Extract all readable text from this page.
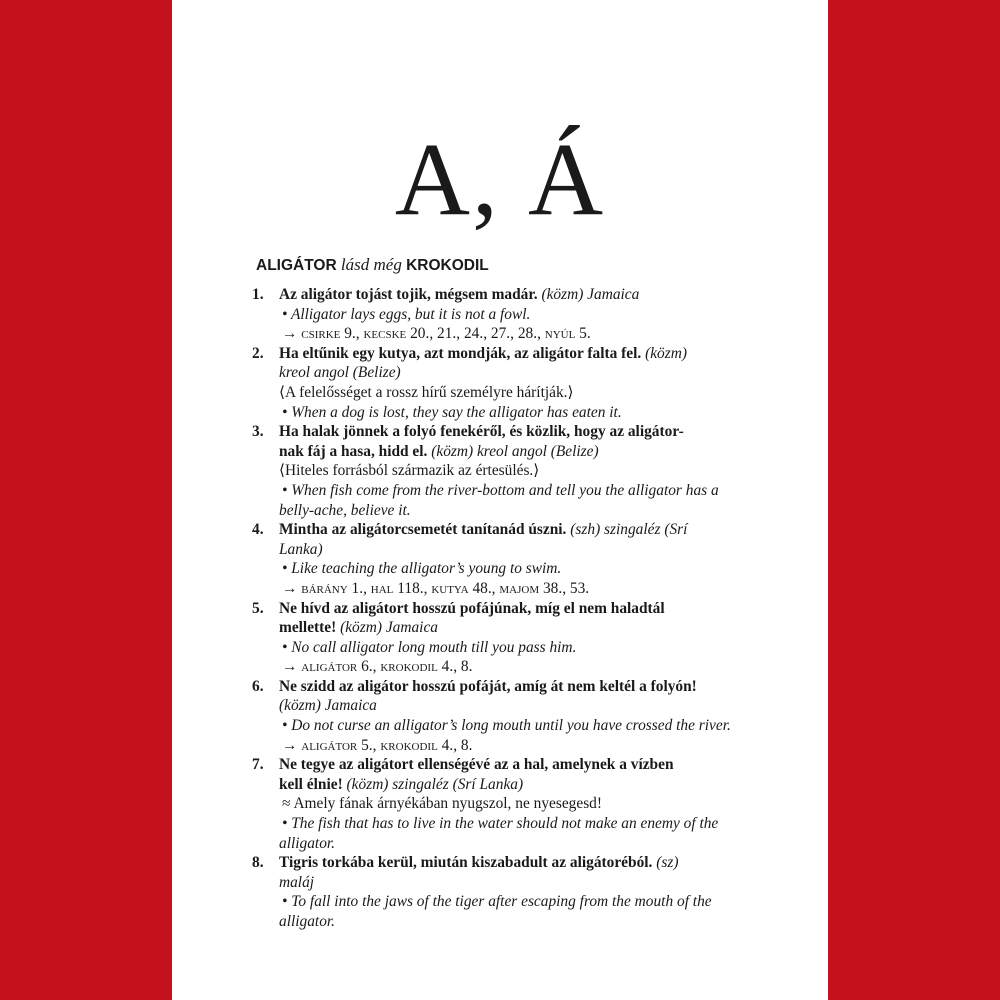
A, Á
ALIGÁTOR lásd még KROKODIL
1. Az aligátor tojást tojik, mégsem madár. (közm) Jamaica
• Alligator lays eggs, but it is not a fowl.
→ csirke 9., kecske 20., 21., 24., 27., 28., nyúl 5.
2. Ha eltűnik egy kutya, azt mondják, az aligátor falta fel. (közm)
kreol angol (Belize)
⟨A felelősséget a rossz hírű személyre hárítják.⟩
• When a dog is lost, they say the alligator has eaten it.
3. Ha halak jönnek a folyó fenekéről, és közlik, hogy az aligátor-
nak fáj a hasa, hidd el. (közm) kreol angol (Belize)
⟨Hiteles forrásból származik az értesülés.⟩
• When fish come from the river-bottom and tell you the alligator has a
belly-ache, believe it.
4. Mintha az aligátorcsemetét tanítanád úszni. (szh) szingaléz (Srí
Lanka)
• Like teaching the alligator’s young to swim.
→ bárány 1., hal 118., kutya 48., majom 38., 53.
5. Ne hívd az aligátort hosszú pofájúnak, míg el nem haladtál
mellette! (közm) Jamaica
• No call alligator long mouth till you pass him.
→ aligátor 6., krokodil 4., 8.
6. Ne szidd az aligátor hosszú pofáját, amíg át nem keltél a folyón!
(közm) Jamaica
• Do not curse an alligator’s long mouth until you have crossed the river.
→ aligátor 5., krokodil 4., 8.
7. Ne tegye az aligátort ellenségévé az a hal, amelynek a vízben
kell élnie! (közm) szingaléz (Srí Lanka)
≈ Amely fának árnyékában nyugszol, ne nyesegesd!
• The fish that has to live in the water should not make an enemy of the
alligator.
8. Tigris torkába kerül, miután kiszabadult az aligátoréból. (sz)
maláj
• To fall into the jaws of the tiger after escaping from the mouth of the
alligator.
